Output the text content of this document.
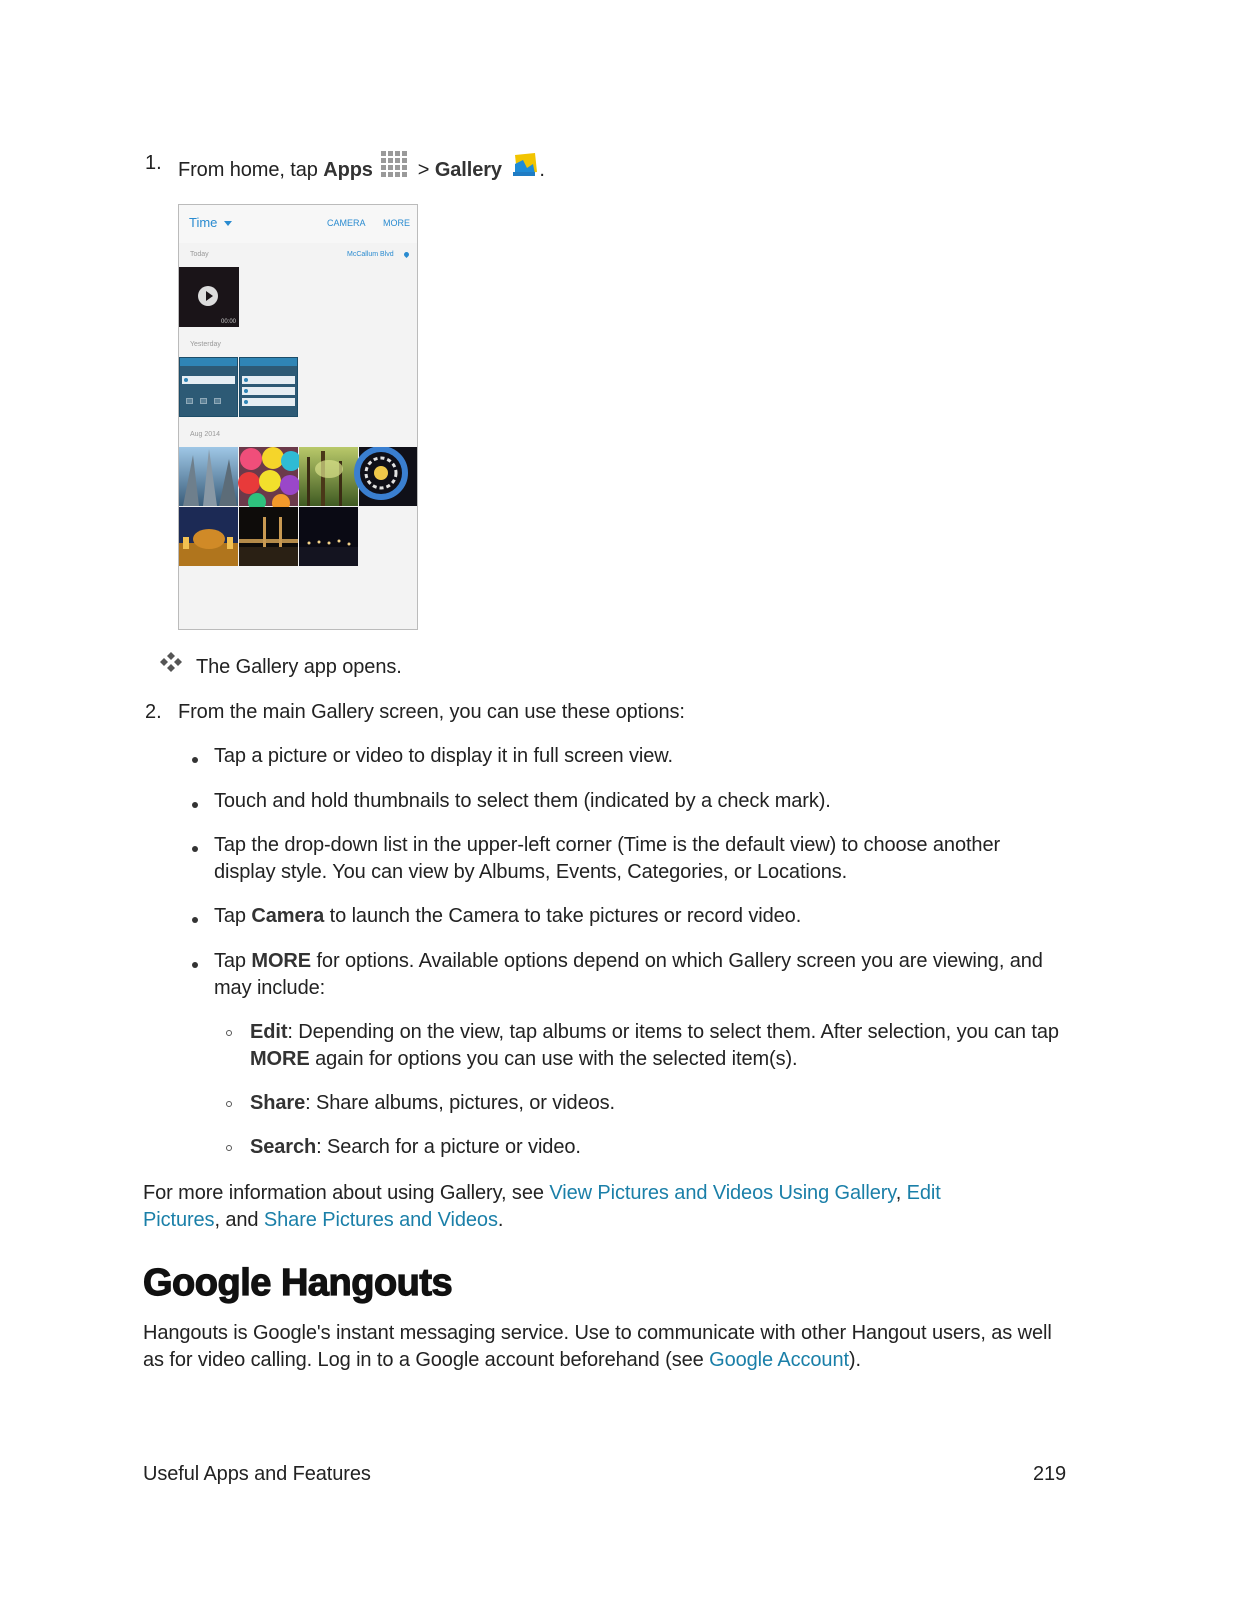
1. From home, tap Apps  > Gallery .
Time	CAMERA MORE
Today	McCallum Blvd
00:00
Yesterday
Aug 2014
The Gallery app opens.
2. From the main Gallery screen, you can use these options:
Tap a picture or video to display it in full screen view.
Touch and hold thumbnails to select them (indicated by a check mark).
Tap the drop-down list in the upper-left corner (Time is the default view) to choose another display style. You can view by Albums, Events, Categories, or Locations.
Tap Camera to launch the Camera to take pictures or record video.
Tap MORE for options. Available options depend on which Gallery screen you are viewing, and may include:
Edit: Depending on the view, tap albums or items to select them. After selection, you can tap MORE again for options you can use with the selected item(s).
Share: Share albums, pictures, or videos.
Search: Search for a picture or video.
For more information about using Gallery, see View Pictures and Videos Using Gallery, Edit Pictures, and Share Pictures and Videos.
Google Hangouts
Hangouts is Google's instant messaging service. Use to communicate with other Hangout users, as well as for video calling. Log in to a Google account beforehand (see Google Account).
Useful Apps and Features	219
